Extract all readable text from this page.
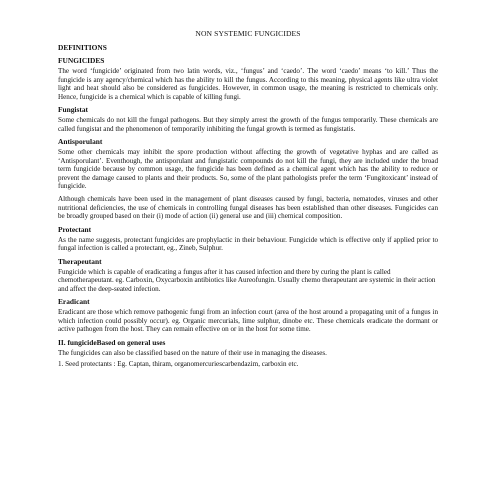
NON SYSTEMIC FUNGICIDES
DEFINITIONS
FUNGICIDES

The word ‘fungicide’ originated from two latin words, viz., ‘fungus’ and ‘caedo’. The word ‘caedo’ means ‘to kill.’ Thus the fungicide is any agency/chemical which has the ability to kill the fungus. According to this meaning, physical agents like ultra violet light and heat should also be considered as fungicides. However, in common usage, the meaning is restricted to chemicals only. Hence, fungicide is a chemical which is capable of killing fungi.

Fungistat

Some chemicals do not kill the fungal pathogens. But they simply arrest the growth of the fungus temporarily. These chemicals are called fungistat and the phenomenon of temporarily inhibiting the fungal growth is termed as fungistatis.

Antisporulant

Some other chemicals may inhibit the spore production without affecting the growth of vegetative hyphas and are called as ‘Antisporulant’. Eventhough, the antisporulant and fungistatic compounds do not kill the fungi, they are included under the broad term fungicide because by common usage, the fungicide has been defined as a chemical agent which has the ability to reduce or prevent the damage caused to plants and their products. So, some of the plant pathologists prefer the term ‘Fungitoxicant’ instead of fungicide.

Although chemicals have been used in the management of plant diseases caused by fungi, bacteria, nematodes, viruses and other nutritional deficiencies, the use of chemicals in controlling fungal diseases has been established than other diseases. Fungicides can be broadly grouped based on their (i) mode of action (ii) general use and (iii) chemical composition.

Protectant

As the name suggests, protectant fungicides are prophylactic in their behaviour. Fungicide which is effective only if applied prior to fungal infection is called a protectant, eg., Zineb, Sulphur.

Therapeutant

Fungicide which is capable of eradicating a fungus after it has caused infection and there by curing the plant is called chemotherapeutant. eg. Carboxin, Oxycarboxin antibiotics like Aureofungin. Usually chemo therapeutant are systemic in their action and affect the deep-seated infection.

Eradicant

Eradicant are those which remove pathogenic fungi from an infection court (area of the host around a propagating unit of a fungus in which infection could possibly occur). eg. Organic mercurials, lime sulphur, dinobe etc. These chemicals eradicate the dormant or active pathogen from the host. They can remain effective on or in the host for some time.

II. fungicideBased on general uses

The fungicides can also be classified based on the nature of their use in managing the diseases.

1. Seed protectants : Eg. Captan, thiram, organomercuriescarbendazim, carboxin etc.
